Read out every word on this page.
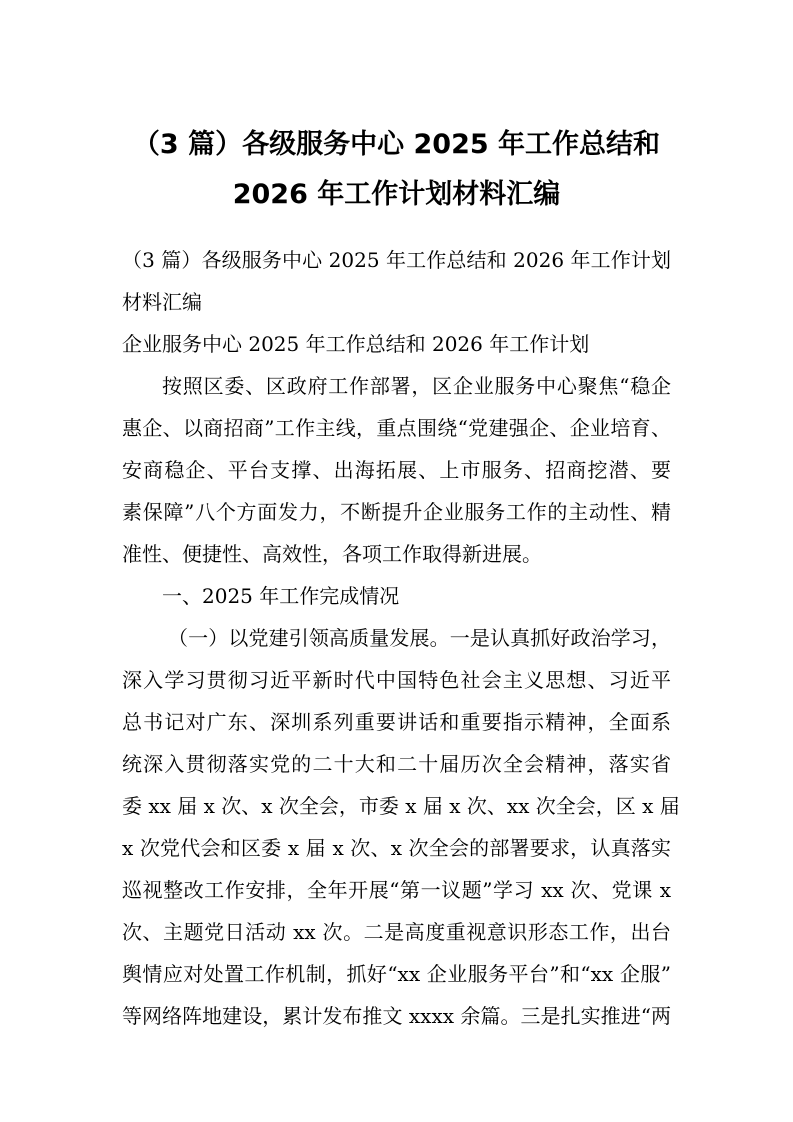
（3 篇）各级服务中心 2025 年工作总结和
2026 年工作计划材料汇编

（3 篇）各级服务中心 2025 年工作总结和 2026 年工作计划

材料汇编

企业服务中心 2025 年工作总结和 2026 年工作计划

按照区委、区政府工作部署，区企业服务中心聚焦“稳企

惠企、以商招商”工作主线，重点围绕“党建强企、企业培育、

安商稳企、平台支撑、出海拓展、上市服务、招商挖潜、要

素保障”八个方面发力，不断提升企业服务工作的主动性、精

准性、便捷性、高效性，各项工作取得新进展。

一、2025 年工作完成情况

（一）以党建引领高质量发展。一是认真抓好政治学习，

深入学习贯彻习近平新时代中国特色社会主义思想、习近平

总书记对广东、深圳系列重要讲话和重要指示精神，全面系

统深入贯彻落实党的二十大和二十届历次全会精神，落实省

委 xx 届 x 次、x 次全会，市委 x 届 x 次、xx 次全会，区 x 届

x 次党代会和区委 x 届 x 次、x 次全会的部署要求，认真落实

巡视整改工作安排，全年开展“第一议题”学习 xx 次、党课 x

次、主题党日活动 xx 次。二是高度重视意识形态工作，出台

舆情应对处置工作机制，抓好“xx 企业服务平台”和“xx 企服”

等网络阵地建设，累计发布推文 xxxx 余篇。三是扎实推进“两
